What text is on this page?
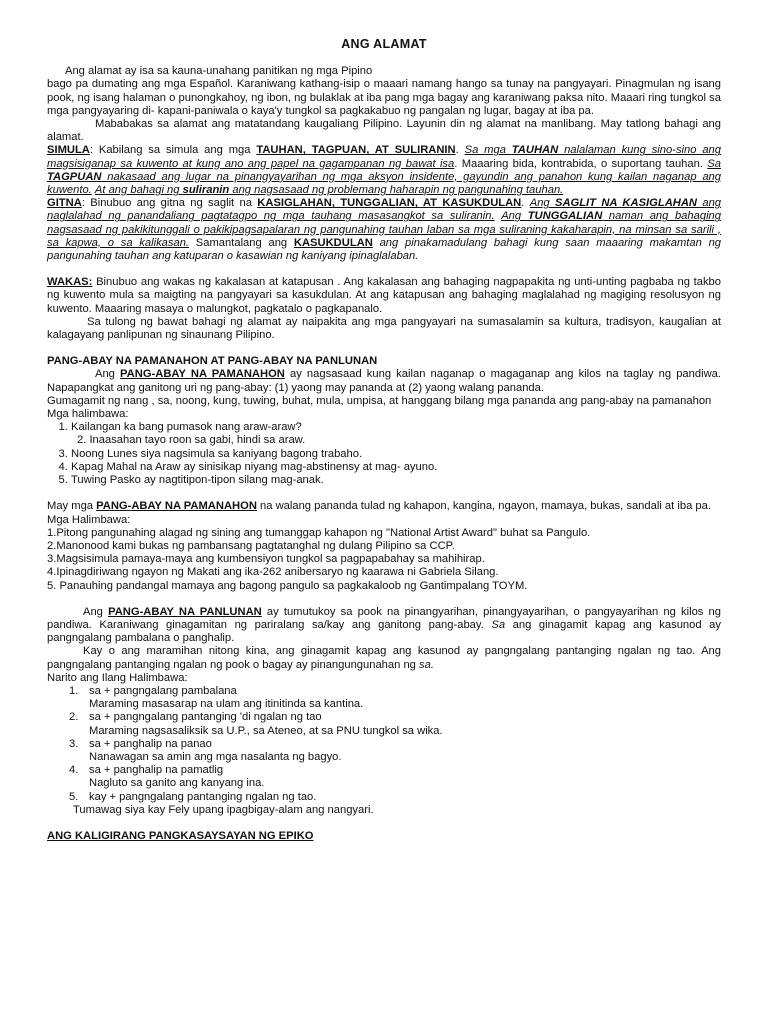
ANG ALAMAT

Ang alamat ay isa sa kauna-unahang panitikan ng mga Pipino

bago pa dumating ang mga Español. Karaniwang kathang-isip o maaari namang hango sa tunay na pangyayari. Pinagmulan ng isang pook, ng isang halaman o punongkahoy, ng ibon, ng bulaklak at iba pang mga bagay ang karaniwang paksa nito. Maaari ring tungkol sa mga pangyayaring di- kapani-paniwala o kaya'y tungkol sa pagkakabuo ng pangalan ng lugar, bagay at iba pa.

Mababakas sa alamat ang matatandang kaugaliang Pilipino. Layunin din ng alamat na manlibang. May tatlong bahagi ang alamat.

SIMULA: Kabilang sa simula ang mga TAUHAN, TAGPUAN, AT SULIRANIN. Sa mga TAUHAN nalalaman kung sino-sino ang magsisiganap sa kuwento at kung ano ang papel na gagampanan ng bawat isa. Maaaring bida, kontrabida, o suportang tauhan. Sa TAGPUAN nakasaad ang lugar na pinangyayarihan ng mga aksyon insidente, gayundin ang panahon kung kailan naganap ang kuwento. At ang bahagi ng suliranin ang nagsasaad ng problemang haharapin ng pangunahing tauhan.

GITNA: Binubuo ang gitna ng saglit na KASIGLAHAN, TUNGGALIAN, AT KASUKDULAN. Ang SAGLIT NA KASIGLAHAN ang naglalahad ng panandaliang pagtatagpo ng mga tauhang masasangkot sa suliranin. Ang TUNGGALIAN naman ang bahaging nagsasaad ng pakikitunggali o pakikipagsapalaran ng pangunahing tauhan laban sa mga suliraning kakaharapin, na minsan sa sarili , sa kapwa, o sa kalikasan. Samantalang ang KASUKDULAN ang pinakamadulang bahagi kung saan maaaring makamtan ng pangunahing tauhan ang katuparan o kasawian ng kaniyang ipinaglalaban.

WAKAS: Binubuo ang wakas ng kakalasan at katapusan . Ang kakalasan ang bahaging nagpapakita ng unti-unting pagbaba ng takbo ng kuwento mula sa maigting na pangyayari sa kasukdulan. At ang katapusan ang bahaging maglalahad ng magiging resolusyon ng kuwento. Maaaring masaya o malungkot, pagkatalo o pagkapanalo.

Sa tulong ng bawat bahagi ng alamat ay naipakita ang mga pangyayari na sumasalamin sa kultura, tradisyon, kaugalian at kalagayang panlipunan ng sinaunang Pilipino.

PANG-ABAY NA PAMANAHON AT PANG-ABAY NA PANLUNAN

Ang PANG-ABAY NA PAMANAHON ay nagsasaad kung kailan naganap o magaganap ang kilos na taglay ng pandiwa. Napapangkat ang ganitong uri ng pang-abay: (1) yaong may pananda at (2) yaong walang pananda.

Gumagamit ng nang , sa, noong, kung, tuwing, buhat, mula, umpisa, at hanggang bilang mga pananda ang pang-abay na pamanahon

Mga halimbawa:

1. Kailangan ka bang pumasok nang araw-araw?

2. Inaasahan tayo roon sa gabi, hindi sa araw.

3. Noong Lunes siya nagsimula sa kaniyang bagong trabaho.
4. Kapag Mahal na Araw ay sinisikap niyang mag-abstinensy at mag- ayuno.
5. Tuwing Pasko ay nagtitipon-tipon silang mag-anak.

May mga PANG-ABAY NA PAMANAHON na walang pananda tulad ng kahapon, kangina, ngayon, mamaya, bukas, sandali at iba pa.

Mga Halimbawa:

1.Pitong pangunahing alagad ng sining ang tumanggap kahapon ng "National Artist Award" buhat sa Pangulo.

2.Manonood kami bukas ng pambansang pagtatanghal ng dulang Pilipino sa CCP.

3.Magsisimula pamaya-maya ang kumbensiyon tungkol sa pagpapabahay sa mahihirap.

4.Ipinagdiriwang ngayon ng Makati ang ika-262 anibersaryo ng kaarawa ni Gabriela Silang.

5. Panauhing pandangal mamaya ang bagong pangulo sa pagkakaloob ng Gantimpalang TOYM.

Ang PANG-ABAY NA PANLUNAN ay tumutukoy sa pook na pinangyarihan, pinangyayarihan, o pangyayarihan ng kilos ng pandiwa. Karaniwang ginagamitan ng pariralang sa/kay ang ganitong pang-abay. Sa ang ginagamit kapag ang kasunod ay pangngalang pambalana o panghalip.

Kay o ang maramihan nitong kina, ang ginagamit kapag ang kasunod ay pangngalang pantanging ngalan ng tao. Ang pangngalang pantanging ngalan ng pook o bagay ay pinangungunahan ng sa.

Narito ang Ilang Halimbawa:

1. sa + pangngalang pambalana

Maraming masasarap na ulam ang itinitinda sa kantina.

2. sa + pangngalang pantanging 'di ngalan ng tao

Maraming nagsasaliksik sa U.P., sa Ateneo, at sa PNU tungkol sa wika.

3. sa + panghalip na panao

Nanawagan sa amin ang mga nasalanta ng bagyo.

4. sa + panghalip na pamatlig

Nagluto sa ganito ang kanyang ina.

5. kay + pangngalang pantanging ngalan ng tao.

Tumawag siya kay Fely upang ipagbigay-alam ang nangyari.

ANG KALIGIRANG PANGKASAYSAYAN NG EPIKO
